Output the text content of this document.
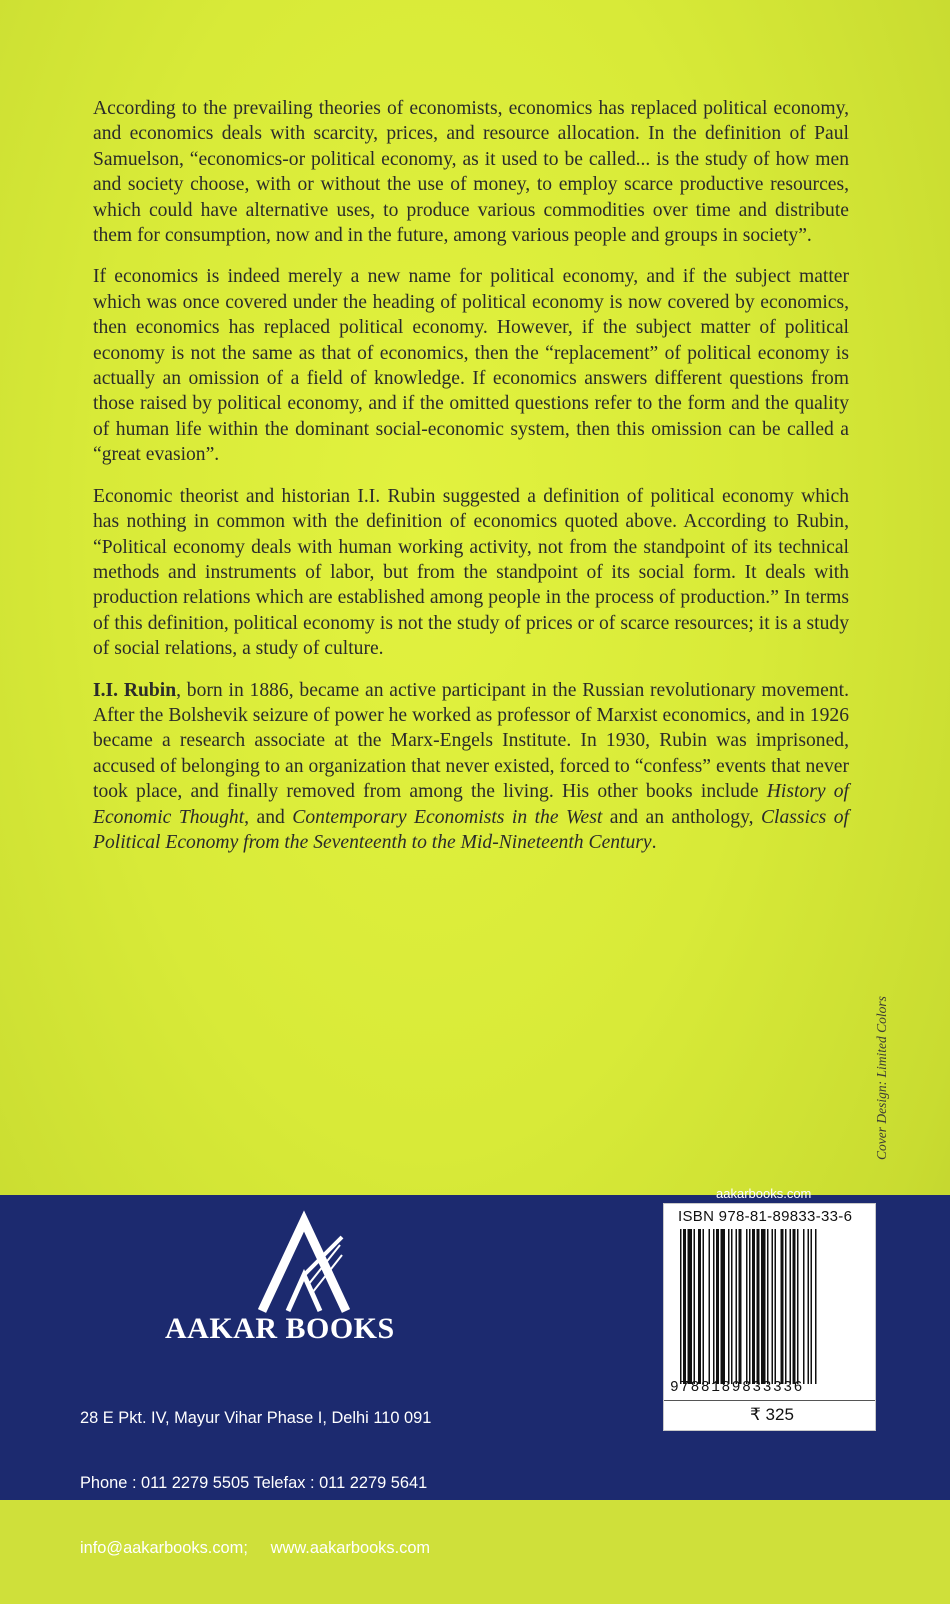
According to the prevailing theories of economists, economics has replaced political economy, and economics deals with scarcity, prices, and resource allocation. In the definition of Paul Samuelson, “economics-or political economy, as it used to be called... is the study of how men and society choose, with or without the use of money, to employ scarce productive resources, which could have alternative uses, to produce various commodities over time and distribute them for consumption, now and in the future, among various people and groups in society”.

If economics is indeed merely a new name for political economy, and if the subject matter which was once covered under the heading of political economy is now covered by economics, then economics has replaced political economy. However, if the subject matter of political economy is not the same as that of economics, then the “replacement” of political economy is actually an omission of a field of knowledge. If economics answers different questions from those raised by political economy, and if the omitted questions refer to the form and the quality of human life within the dominant social-economic system, then this omission can be called a “great evasion”.

Economic theorist and historian I.I. Rubin suggested a definition of political economy which has nothing in common with the definition of economics quoted above. According to Rubin, “Political economy deals with human working activity, not from the standpoint of its technical methods and instruments of labor, but from the standpoint of its social form. It deals with production relations which are established among people in the process of production.” In terms of this definition, political economy is not the study of prices or of scarce resources; it is a study of social relations, a study of culture.

I.I. Rubin, born in 1886, became an active participant in the Russian revolutionary movement. After the Bolshevik seizure of power he worked as professor of Marxist economics, and in 1926 became a research associate at the Marx-Engels Institute. In 1930, Rubin was imprisoned, accused of belonging to an organization that never existed, forced to “confess” events that never took place, and finally removed from among the living. His other books include History of Economic Thought, and Contemporary Economists in the West and an anthology, Classics of Political Economy from the Seventeenth to the Mid-Nineteenth Century.

Cover Design: Limited Colors
AAKAR BOOKS

28 E Pkt. IV, Mayur Vihar Phase I, Delhi 110 091

Phone : 011 2279 5505 Telefax : 011 2279 5641

info@aakarbooks.com; www.aakarbooks.com

aakarbooks.com
ISBN 978-81-89833-33-6
9788189833336
₹ 325
